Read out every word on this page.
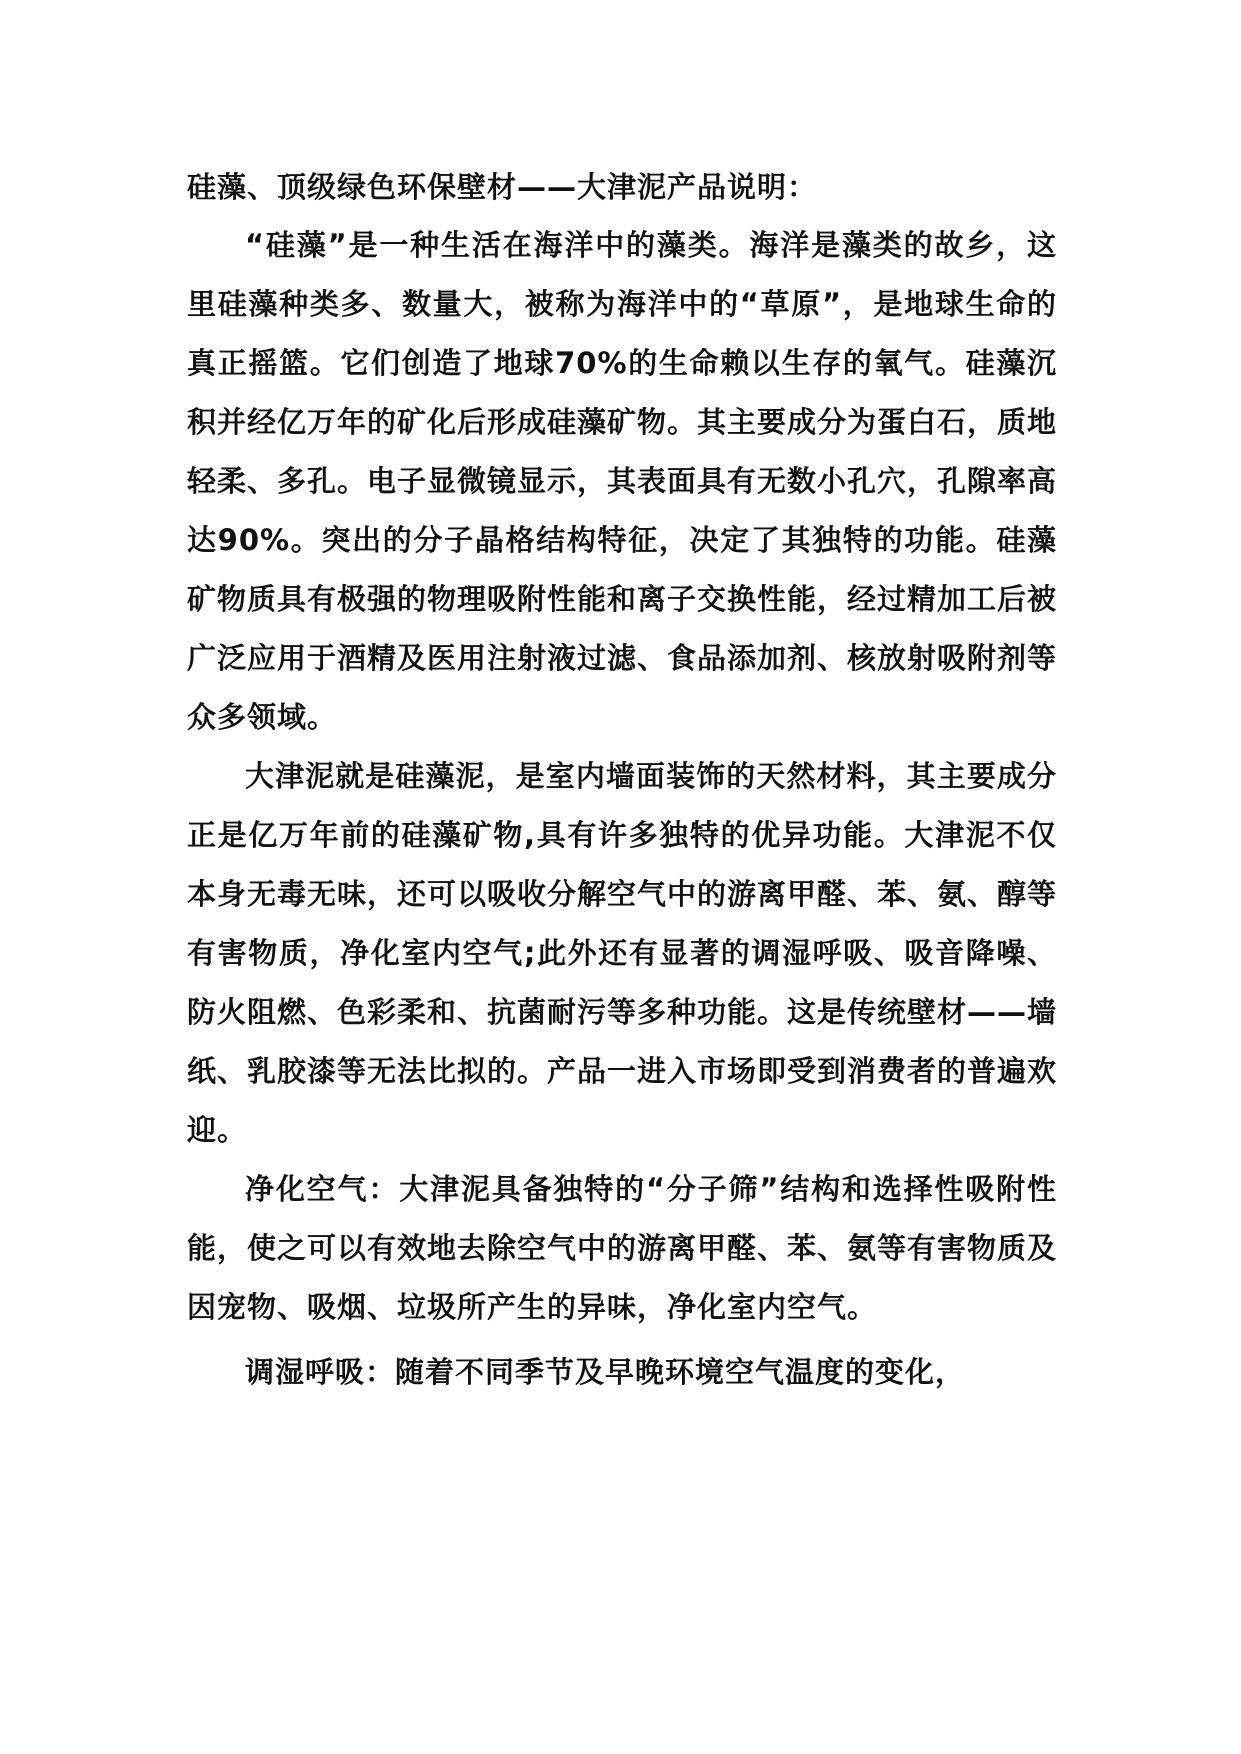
硅藻、顶级绿色环保壁材——大津泥产品说明：

“硅藻”是一种生活在海洋中的藻类。海洋是藻类的故乡，这里硅藻种类多、数量大，被称为海洋中的“草原”，是地球生命的真正摇篮。它们创造了地球70%的生命赖以生存的氧气。硅藻沉积并经亿万年的矿化后形成硅藻矿物。其主要成分为蛋白石，质地轻柔、多孔。电子显微镜显示，其表面具有无数小孔穴，孔隙率高达90%。突出的分子晶格结构特征，决定了其独特的功能。硅藻矿物质具有极强的物理吸附性能和离子交换性能，经过精加工后被广泛应用于酒精及医用注射液过滤、食品添加剂、核放射吸附剂等众多领域。

大津泥就是硅藻泥，是室内墙面装饰的天然材料，其主要成分正是亿万年前的硅藻矿物,具有许多独特的优异功能。大津泥不仅本身无毒无味，还可以吸收分解空气中的游离甲醛、苯、氨、醇等有害物质，净化室内空气;此外还有显著的调湿呼吸、吸音降噪、防火阻燃、色彩柔和、抗菌耐污等多种功能。这是传统壁材——墙纸、乳胶漆等无法比拟的。产品一进入市场即受到消费者的普遍欢迎。

净化空气：大津泥具备独特的“分子筛”结构和选择性吸附性能，使之可以有效地去除空气中的游离甲醛、苯、氨等有害物质及因宠物、吸烟、垃圾所产生的异味，净化室内空气。

调湿呼吸：随着不同季节及早晚环境空气温度的变化，
